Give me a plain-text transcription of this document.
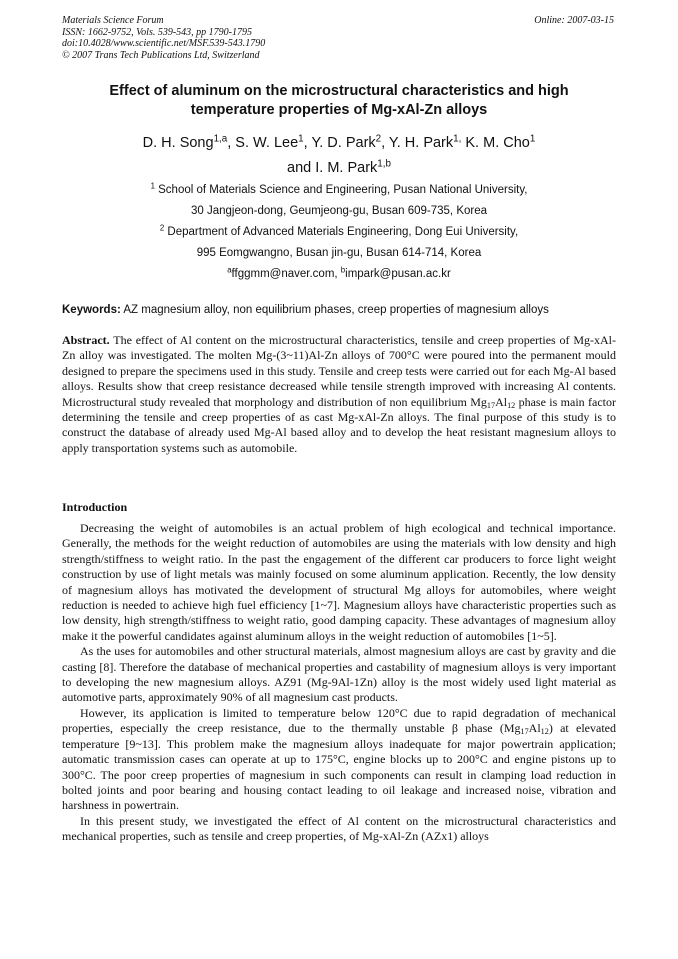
Materials Science Forum
ISSN: 1662-9752, Vols. 539-543, pp 1790-1795
doi:10.4028/www.scientific.net/MSF.539-543.1790
© 2007 Trans Tech Publications Ltd, Switzerland
Online: 2007-03-15
Effect of aluminum on the microstructural characteristics and high
temperature properties of Mg-xAl-Zn alloys
D. H. Song$^{1,a}$, S. W. Lee$^1$, Y. D. Park$^2$, Y. H. Park$^{1,}$ K. M. Cho$^1$
and I. M. Park$^{1,b}$
$^1$ School of Materials Science and Engineering, Pusan National University,
30 Jangjeon-dong, Geumjeong-gu, Busan 609-735, Korea
$^2$ Department of Advanced Materials Engineering, Dong Eui University,
995 Eomgwangno, Busan jin-gu, Busan 614-714, Korea
$^a$ffggmm@naver.com, $^b$impark@pusan.ac.kr
Keywords: AZ magnesium alloy, non equilibrium phases, creep properties of magnesium alloys
Abstract. The effect of Al content on the microstructural characteristics, tensile and creep properties of Mg-xAl-Zn alloy was investigated. The molten Mg-(3~11)Al-Zn alloys of 700°C were poured into the permanent mould designed to prepare the specimens used in this study. Tensile and creep tests were carried out for each Mg-Al based alloys. Results show that creep resistance decreased while tensile strength improved with increasing Al contents. Microstructural study revealed that morphology and distribution of non equilibrium $Mg_{17}Al_{12}$ phase is main factor determining the tensile and creep properties of as cast Mg-xAl-Zn alloys. The final purpose of this study is to construct the database of already used Mg-Al based alloy and to develop the heat resistant magnesium alloys to apply transportation systems such as automobile.
Introduction

Decreasing the weight of automobiles is an actual problem of high ecological and technical importance. Generally, the methods for the weight reduction of automobiles are using the materials with low density and high strength/stiffness to weight ratio. In the past the engagement of the different car producers to force light weight construction by use of light metals was mainly focused on some aluminum application. Recently, the low density of magnesium alloys has motivated the development of structural Mg alloys for automobiles, where weight reduction is needed to achieve high fuel efficiency [1~7]. Magnesium alloys have characteristic properties such as low density, high strength/stiffness to weight ratio, good damping capacity. These advantages of magnesium alloy make it the powerful candidates against aluminum alloys in the weight reduction of automobiles [1~5].

As the uses for automobiles and other structural materials, almost magnesium alloys are cast by gravity and die casting [8]. Therefore the database of mechanical properties and castability of magnesium alloys is very important to developing the new magnesium alloys. AZ91 (Mg-9Al-1Zn) alloy is the most widely used light material as automotive parts, approximately 90% of all magnesium cast products.

However, its application is limited to temperature below 120°C due to rapid degradation of mechanical properties, especially the creep resistance, due to the thermally unstable β phase $(Mg_{17}Al_{12})$ at elevated temperature [9~13]. This problem make the magnesium alloys inadequate for major powertrain application; automatic transmission cases can operate at up to 175°C, engine blocks up to 200°C and engine pistons up to 300°C. The poor creep properties of magnesium in such components can result in clamping load reduction in bolted joints and poor bearing and housing contact leading to oil leakage and increased noise, vibration and harshness in powertrain.

In this present study, we investigated the effect of Al content on the microstructural characteristics and mechanical properties, such as tensile and creep properties, of Mg-xAl-Zn (AZx1) alloys
